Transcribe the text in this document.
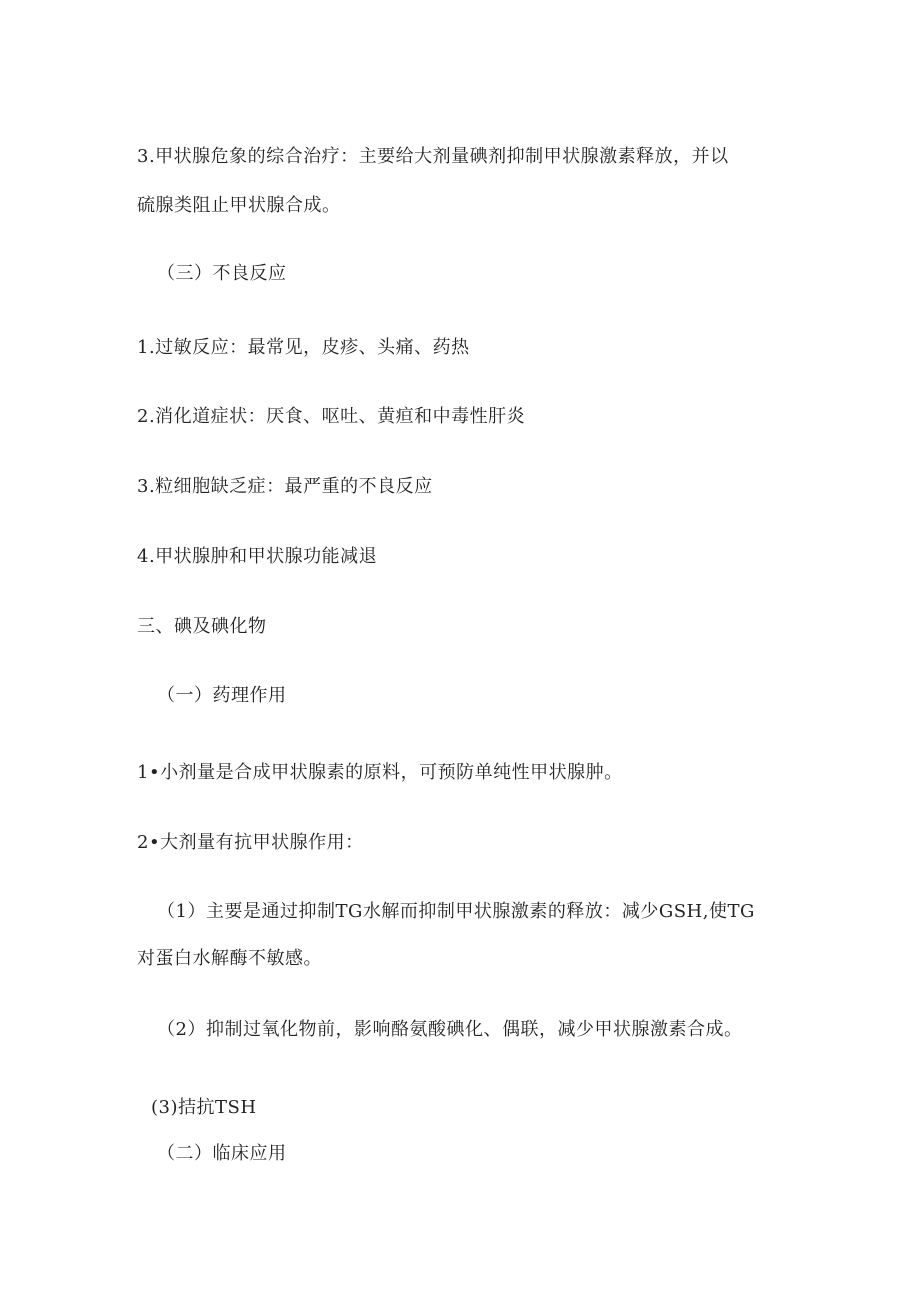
3.甲状腺危象的综合治疗：主要给大剂量碘剂抑制甲状腺激素释放，并以
硫腺类阻止甲状腺合成。
（三）不良反应
1.过敏反应：最常见，皮疹、头痛、药热
2.消化道症状：厌食、呕吐、黄疸和中毒性肝炎
3.粒细胞缺乏症：最严重的不良反应
4.甲状腺肿和甲状腺功能减退
三、碘及碘化物
（一）药理作用
1•小剂量是合成甲状腺素的原料，可预防单纯性甲状腺肿。
2•大剂量有抗甲状腺作用：
（1）主要是通过抑制TG水解而抑制甲状腺激素的释放：减少GSH,使TG
对蛋白水解酶不敏感。
（2）抑制过氧化物前，影响酪氨酸碘化、偶联，减少甲状腺激素合成。
(3)拮抗TSH
（二）临床应用
